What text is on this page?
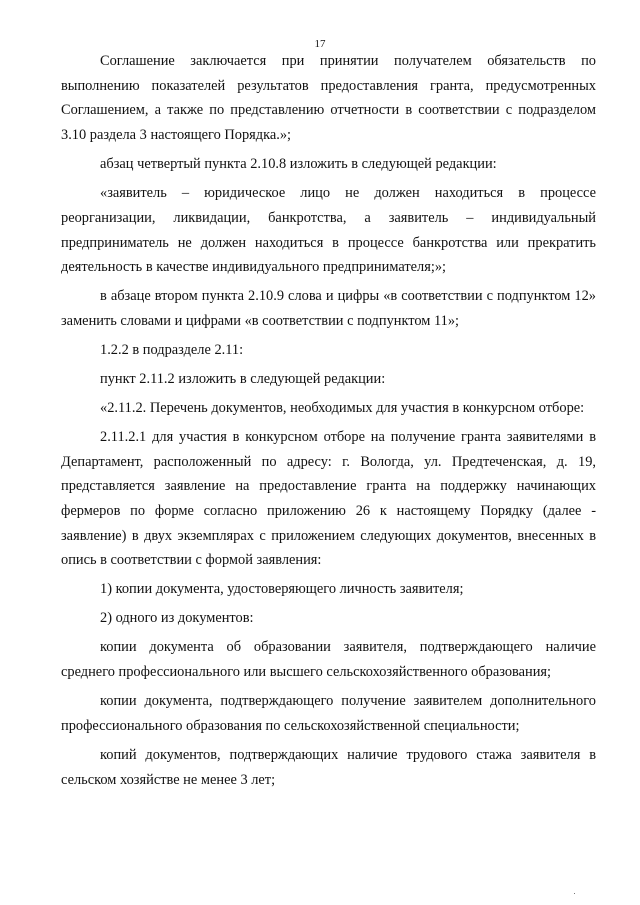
17

Соглашение заключается при принятии получателем обязательств по выполнению показателей результатов предоставления гранта, предусмотренных Соглашением, а также по представлению отчетности в соответствии с подразделом 3.10 раздела 3 настоящего Порядка.»;

абзац четвертый пункта 2.10.8 изложить в следующей редакции:

«заявитель – юридическое лицо не должен находиться в процессе реорганизации, ликвидации, банкротства, а заявитель – индивидуальный предприниматель не должен находиться в процессе банкротства или прекратить деятельность в качестве индивидуального предпринимателя;»;

в абзаце втором пункта 2.10.9 слова и цифры «в соответствии с подпунктом 12» заменить словами и цифрами «в соответствии с подпунктом 11»;

1.2.2 в подразделе 2.11:

пункт 2.11.2 изложить в следующей редакции:

«2.11.2. Перечень документов, необходимых для участия в конкурсном отборе:

2.11.2.1 для участия в конкурсном отборе на получение гранта заявителями в Департамент, расположенный по адресу: г. Вологда, ул. Предтеченская, д. 19, представляется заявление на предоставление гранта на поддержку начинающих фермеров по форме согласно приложению 26 к настоящему Порядку (далее - заявление) в двух экземплярах с приложением следующих документов, внесенных в опись в соответствии с формой заявления:

1) копии документа, удостоверяющего личность заявителя;

2) одного из документов:

копии документа об образовании заявителя, подтверждающего наличие среднего профессионального или высшего сельскохозяйственного образования;

копии документа, подтверждающего получение заявителем дополнительного профессионального образования по сельскохозяйственной специальности;

копий документов, подтверждающих наличие трудового стажа заявителя в сельском хозяйстве не менее 3 лет;
